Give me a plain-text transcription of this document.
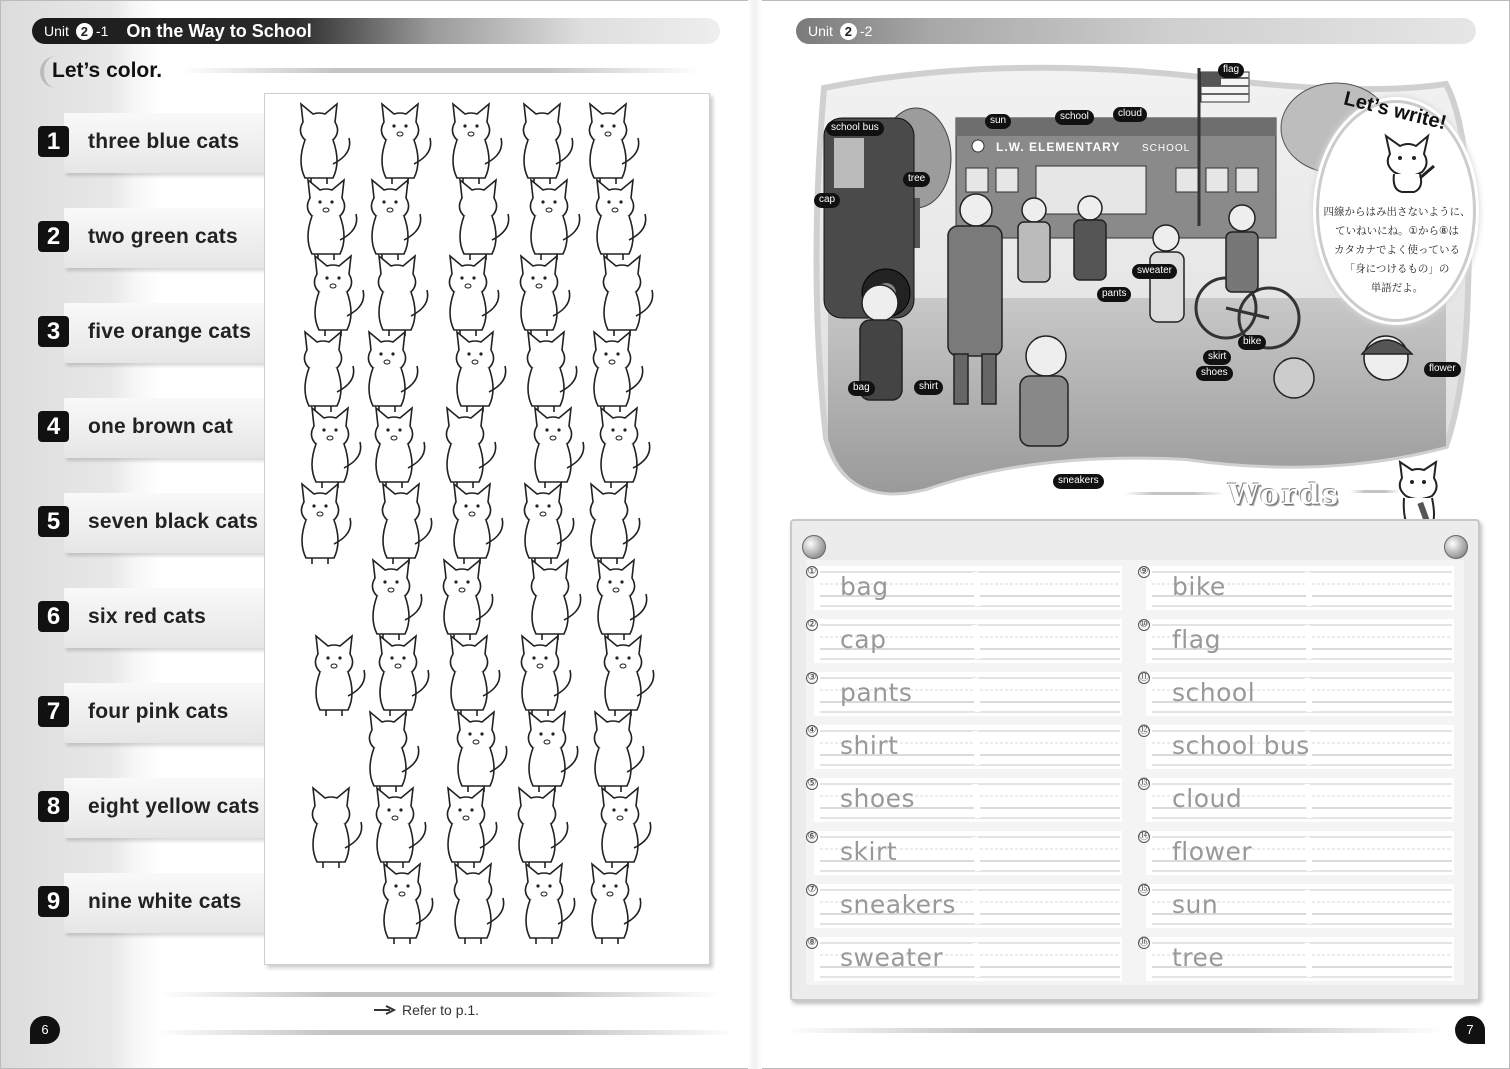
Unit 2 -1 On the Way to School
Let’s color.
1	three blue cats
2	two green cats
3	five orange cats
4	one brown cat
5	seven black cats
6	six red cats
7	four pink cats
8	eight yellow cats
9	nine white cats
Refer to p.1.
6
Unit 2 -2
L.W. ELEMENTARY SCHOOL
flag
school bus
sun	school	cloud
tree
cap
sweater
pants
bike
skirt
shoes
bag	shirt
flower
sneakers
Let’s write!
四線からはみ出さないように、
ていねいにね。①から⑧は
カタカナでよく使っている
「身につけるもの」の
単語だよ。
Words
①
bag
②
cap
③
pants
④
shirt
⑤
shoes
⑥
skirt
⑦
sneakers
⑧
sweater
⑨
bike
⑩
flag
⑪
school
⑫
school bus
⑬
cloud
⑭
flower
⑮
sun
⑯
tree
7
